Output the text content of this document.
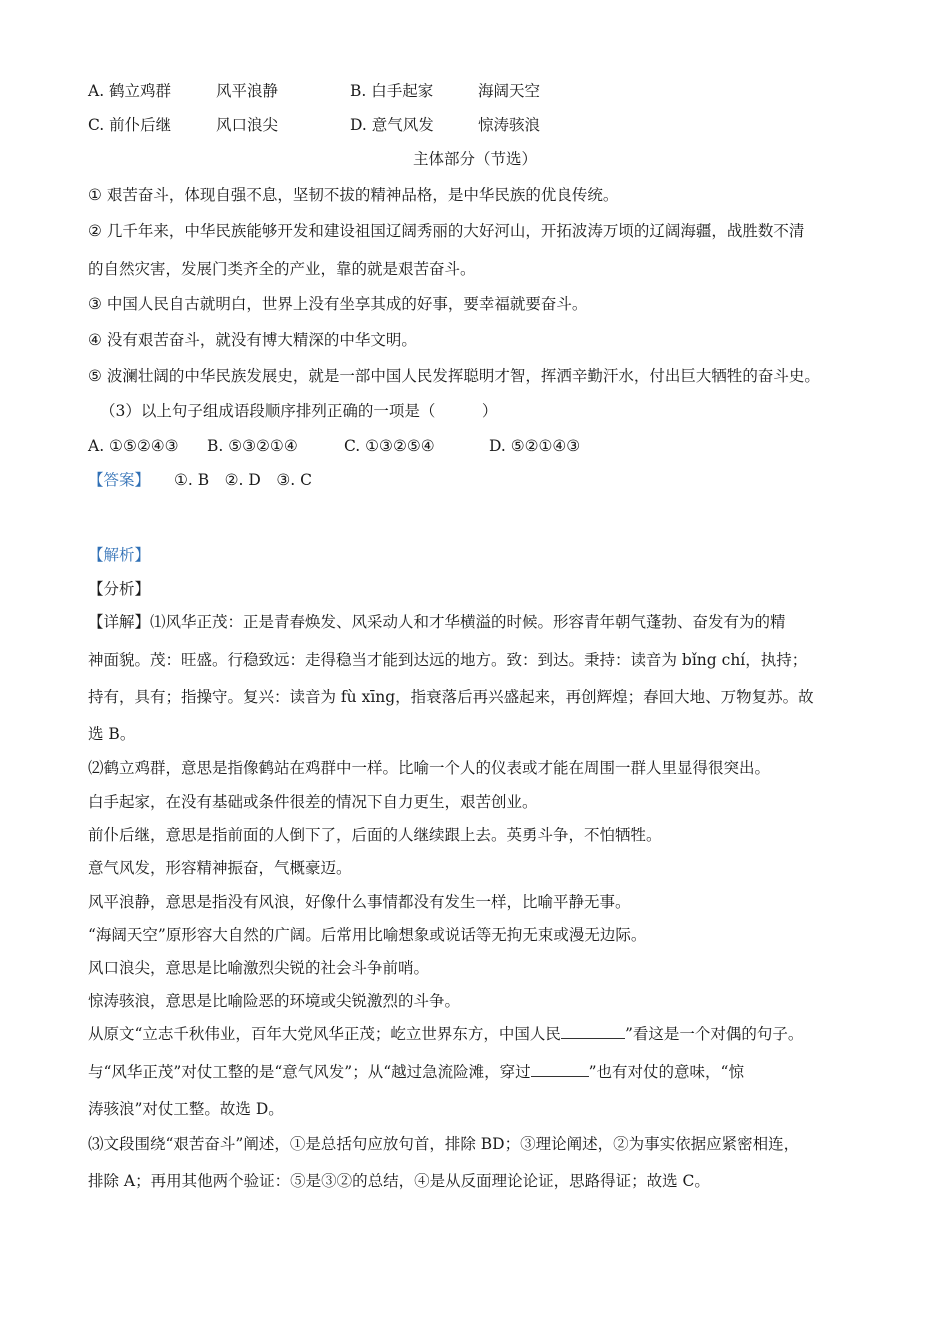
A. 鹤立鸡群	风平浪静	B. 白手起家	海阔天空
C. 前仆后继	风口浪尖	D. 意气风发	惊涛骇浪
主体部分（节选）
① 艰苦奋斗，体现自强不息，坚韧不拔的精神品格，是中华民族的优良传统。
② 几千年来，中华民族能够开发和建设祖国辽阔秀丽的大好河山，开拓波涛万顷的辽阔海疆，战胜数不清
的自然灾害，发展门类齐全的产业，靠的就是艰苦奋斗。
③ 中国人民自古就明白，世界上没有坐享其成的好事，要幸福就要奋斗。
④ 没有艰苦奋斗，就没有博大精深的中华文明。
⑤ 波澜壮阔的中华民族发展史，就是一部中国人民发挥聪明才智，挥洒辛勤汗水，付出巨大牺牲的奋斗史。
（3）以上句子组成语段顺序排列正确的一项是（　　　）
A. ①⑤②④③ B. ⑤③②①④	C. ①③②⑤④	D. ⑤②①④③
【答案】 ①. B　②. D　③. C
【解析】
【分析】
【详解】⑴风华正茂：正是青春焕发、风采动人和才华横溢的时候。形容青年朝气蓬勃、奋发有为的精
神面貌。茂：旺盛。行稳致远：走得稳当才能到达远的地方。致：到达。秉持：读音为 bǐng chí，执持；
持有，具有；指操守。复兴：读音为 fù xīng，指衰落后再兴盛起来，再创辉煌；春回大地、万物复苏。故
选 B。
⑵鹤立鸡群，意思是指像鹤站在鸡群中一样。比喻一个人的仪表或才能在周围一群人里显得很突出。
白手起家，在没有基础或条件很差的情况下自力更生，艰苦创业。
前仆后继，意思是指前面的人倒下了，后面的人继续跟上去。英勇斗争，不怕牺牲。
意气风发，形容精神振奋，气概豪迈。
风平浪静，意思是指没有风浪，好像什么事情都没有发生一样，比喻平静无事。
“海阔天空”原形容大自然的广阔。后常用比喻想象或说话等无拘无束或漫无边际。
风口浪尖，意思是比喻激烈尖锐的社会斗争前哨。
惊涛骇浪，意思是比喻险恶的环境或尖锐激烈的斗争。
从原文“立志千秋伟业，百年大党风华正茂；屹立世界东方，中国人民	”看这是一个对偶的句子。
与“风华正茂”对仗工整的是“意气风发”；从“越过急流险滩，穿过	”也有对仗的意味，“惊
涛骇浪”对仗工整。故选 D。
⑶文段围绕“艰苦奋斗”阐述，①是总括句应放句首，排除 BD；③理论阐述，②为事实依据应紧密相连，
排除 A；再用其他两个验证：⑤是③②的总结，④是从反面理论论证，思路得证；故选 C。
